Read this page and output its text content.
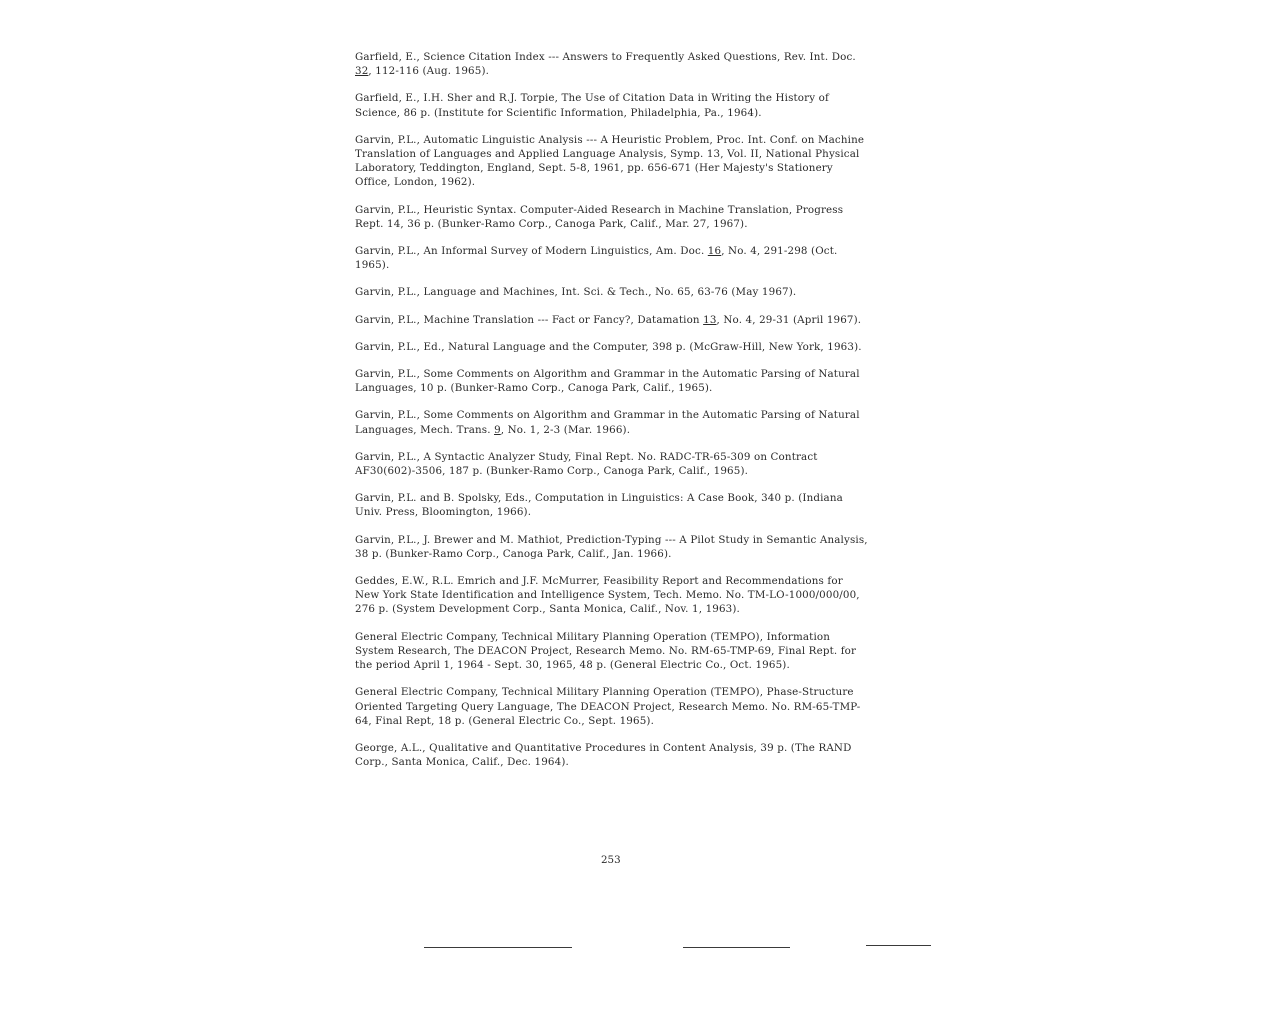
Garfield, E., Science Citation Index --- Answers to Frequently Asked Questions, Rev. Int. Doc. 32, 112-116 (Aug. 1965).

Garfield, E., I.H. Sher and R.J. Torpie, The Use of Citation Data in Writing the History of Science, 86 p. (Institute for Scientific Information, Philadelphia, Pa., 1964).

Garvin, P.L., Automatic Linguistic Analysis --- A Heuristic Problem, Proc. Int. Conf. on Machine Translation of Languages and Applied Language Analysis, Symp. 13, Vol. II, National Physical Laboratory, Teddington, England, Sept. 5-8, 1961, pp. 656-671 (Her Majesty's Stationery Office, London, 1962).

Garvin, P.L., Heuristic Syntax. Computer-Aided Research in Machine Translation, Progress Rept. 14, 36 p. (Bunker-Ramo Corp., Canoga Park, Calif., Mar. 27, 1967).

Garvin, P.L., An Informal Survey of Modern Linguistics, Am. Doc. 16, No. 4, 291-298 (Oct. 1965).

Garvin, P.L., Language and Machines, Int. Sci. & Tech., No. 65, 63-76 (May 1967).

Garvin, P.L., Machine Translation --- Fact or Fancy?, Datamation 13, No. 4, 29-31 (April 1967).

Garvin, P.L., Ed., Natural Language and the Computer, 398 p. (McGraw-Hill, New York, 1963).

Garvin, P.L., Some Comments on Algorithm and Grammar in the Automatic Parsing of Natural Languages, 10 p. (Bunker-Ramo Corp., Canoga Park, Calif., 1965).

Garvin, P.L., Some Comments on Algorithm and Grammar in the Automatic Parsing of Natural Languages, Mech. Trans. 9, No. 1, 2-3 (Mar. 1966).

Garvin, P.L., A Syntactic Analyzer Study, Final Rept. No. RADC-TR-65-309 on Contract AF30(602)-3506, 187 p. (Bunker-Ramo Corp., Canoga Park, Calif., 1965).

Garvin, P.L. and B. Spolsky, Eds., Computation in Linguistics: A Case Book, 340 p. (Indiana Univ. Press, Bloomington, 1966).

Garvin, P.L., J. Brewer and M. Mathiot, Prediction-Typing --- A Pilot Study in Semantic Analysis, 38 p. (Bunker-Ramo Corp., Canoga Park, Calif., Jan. 1966).

Geddes, E.W., R.L. Emrich and J.F. McMurrer, Feasibility Report and Recommendations for New York State Identification and Intelligence System, Tech. Memo. No. TM-LO-1000/000/00, 276 p. (System Development Corp., Santa Monica, Calif., Nov. 1, 1963).

General Electric Company, Technical Military Planning Operation (TEMPO), Information System Research, The DEACON Project, Research Memo. No. RM-65-TMP-69, Final Rept. for the period April 1, 1964 - Sept. 30, 1965, 48 p. (General Electric Co., Oct. 1965).

General Electric Company, Technical Military Planning Operation (TEMPO), Phase-Structure Oriented Targeting Query Language, The DEACON Project, Research Memo. No. RM-65-TMP-64, Final Rept, 18 p. (General Electric Co., Sept. 1965).

George, A.L., Qualitative and Quantitative Procedures in Content Analysis, 39 p. (The RAND Corp., Santa Monica, Calif., Dec. 1964).

253
